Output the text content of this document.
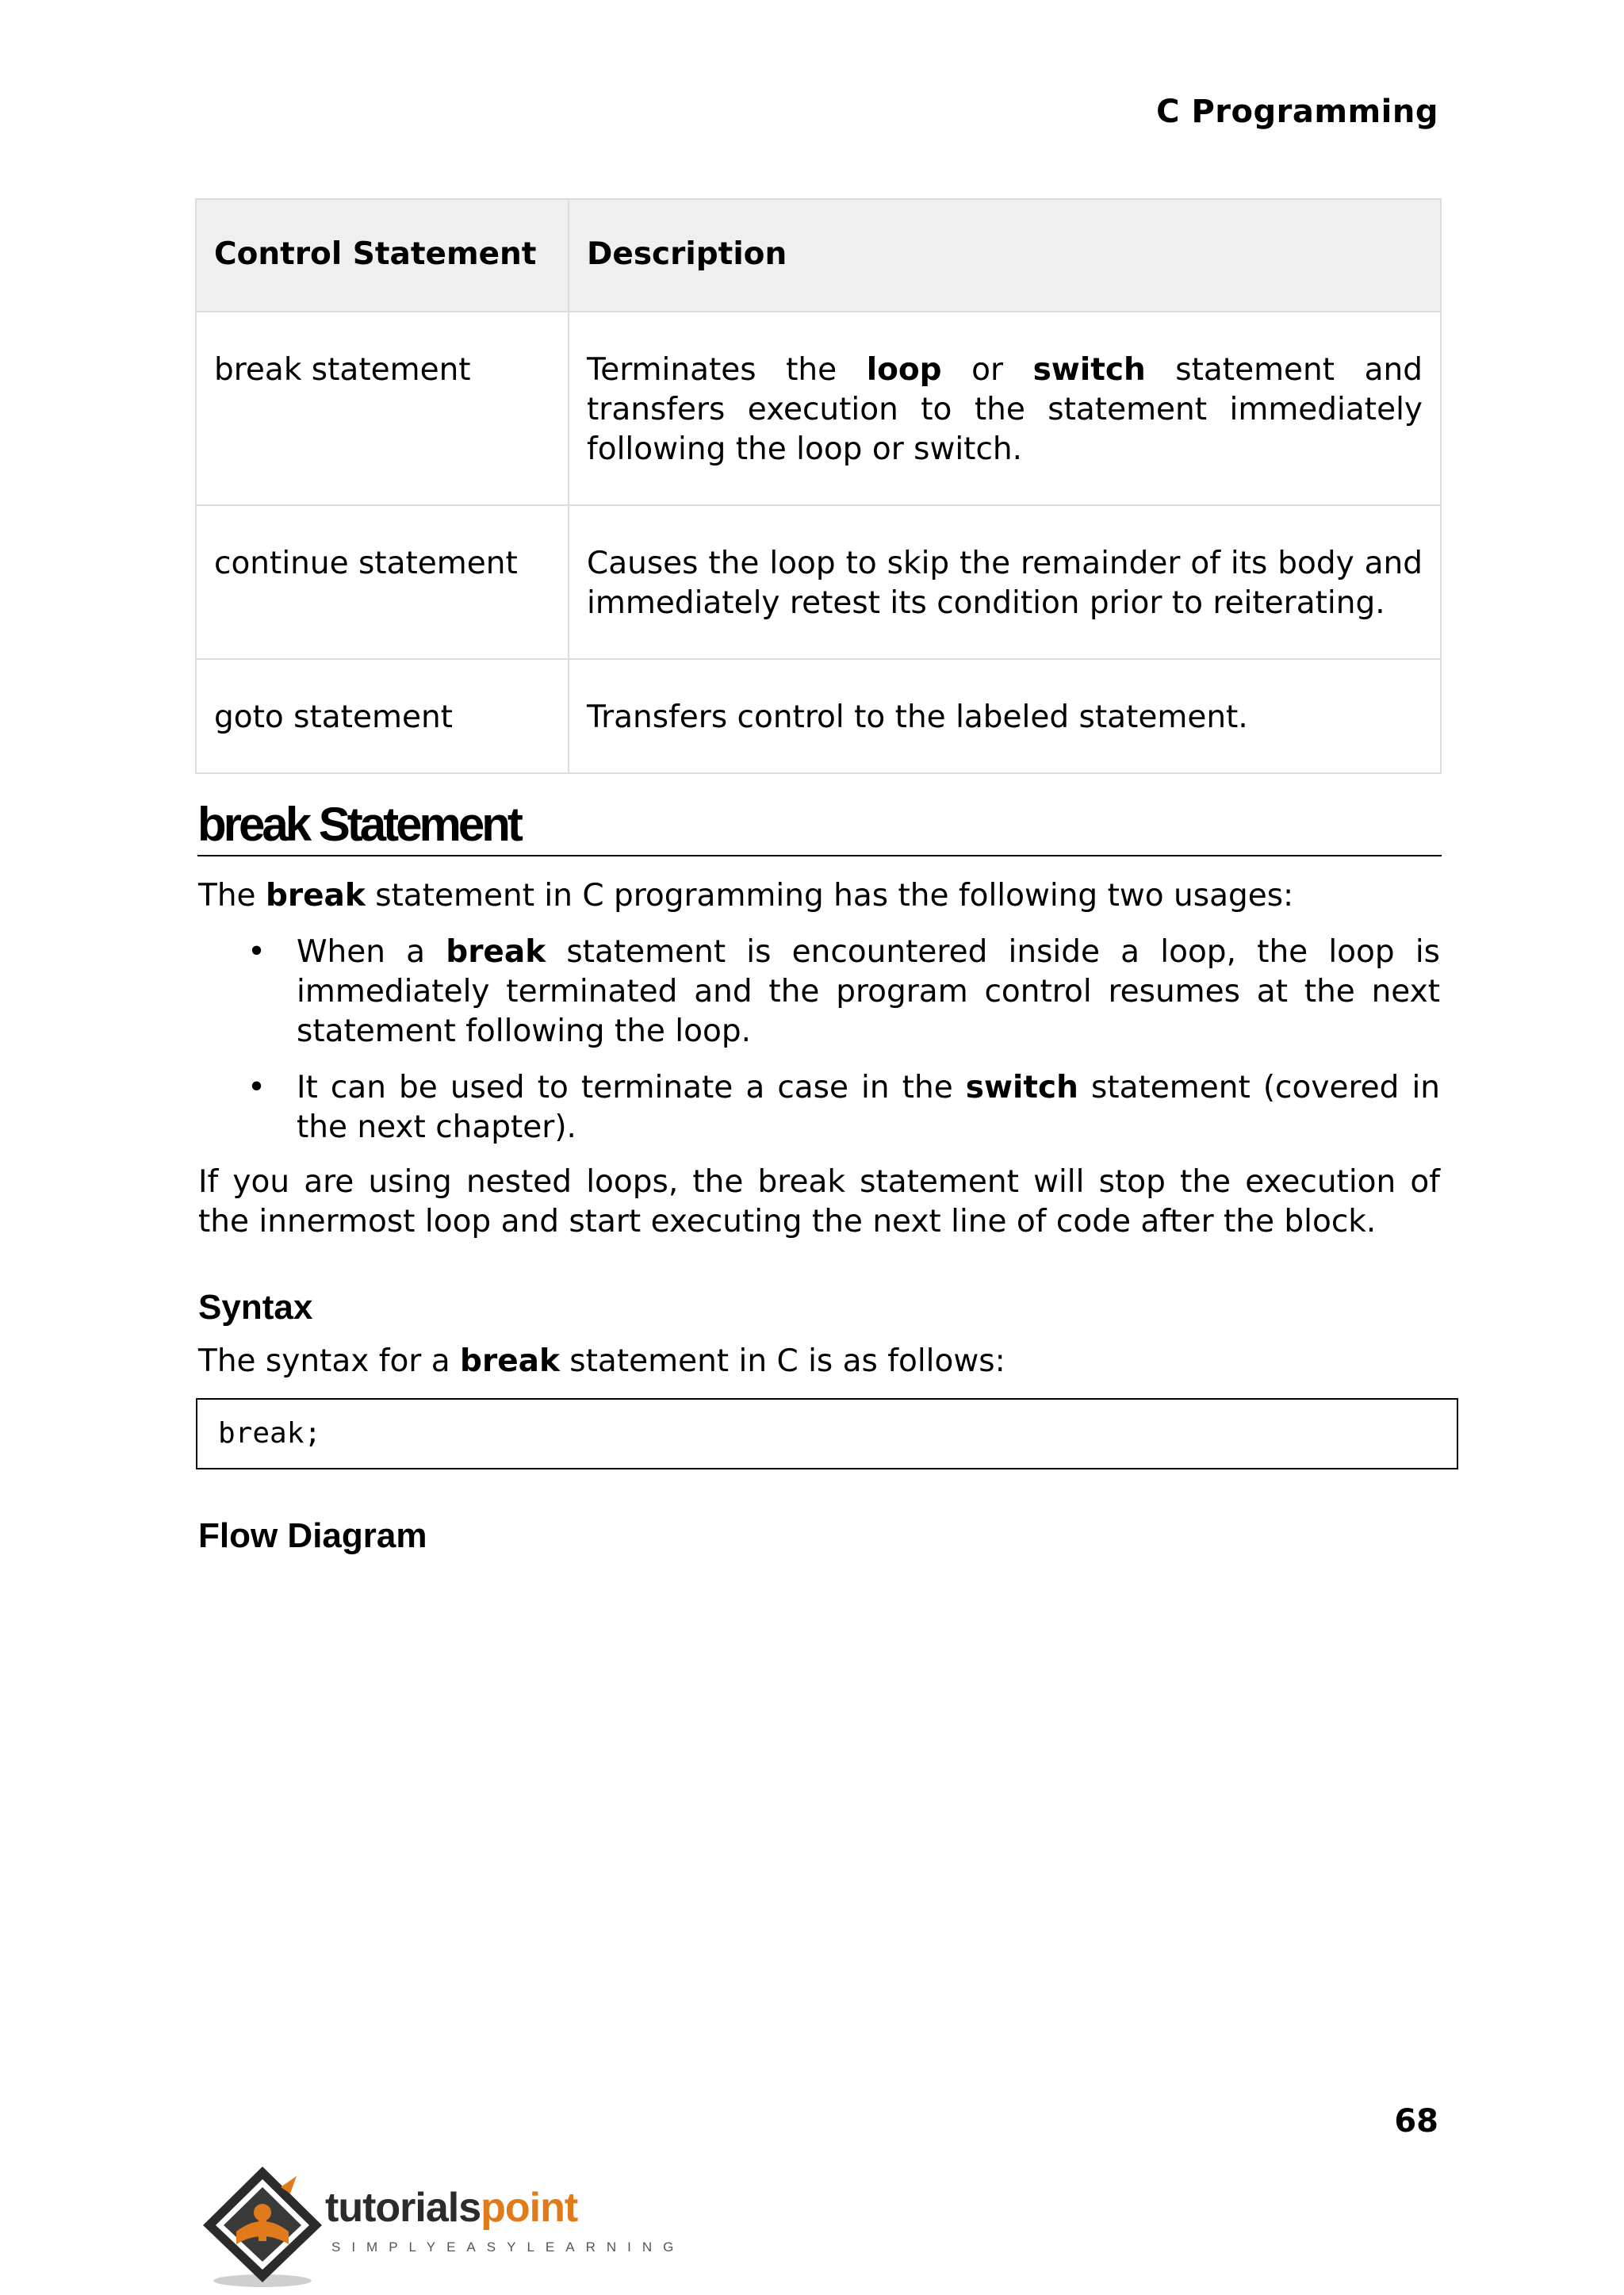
C Programming
Control Statement	Description
break statement	Terminates the loop or switch statement and transfers execution to the statement immediately following the loop or switch.
continue statement	Causes the loop to skip the remainder of its body and immediately retest its condition prior to reiterating.
goto statement	Transfers control to the labeled statement.
break Statement

The break statement in C programming has the following two usages:

• When a break statement is encountered inside a loop, the loop is immediately terminated and the program control resumes at the next statement following the loop.
• It can be used to terminate a case in the switch statement (covered in the next chapter).

If you are using nested loops, the break statement will stop the execution of the innermost loop and start executing the next line of code after the block.

Syntax

The syntax for a break statement in C is as follows:

break;
Flow Diagram
68
tutorialspoint
SIMPLYEASYLEARNING
